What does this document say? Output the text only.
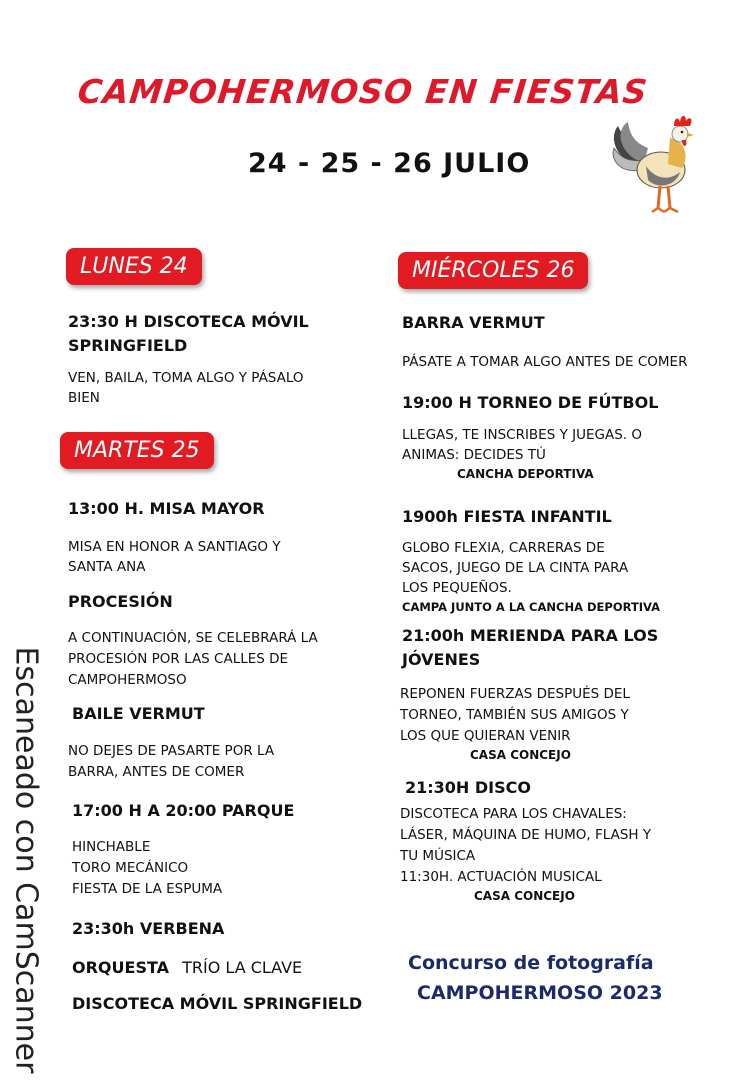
CAMPOHERMOSO EN FIESTAS
24 - 25 - 26 JULIO
Escaneado con CamScanner
LUNES 24
23:30 H DISCOTECA MÓVIL
SPRINGFIELD
VEN, BAILA, TOMA ALGO Y PÁSALO
BIEN
MARTES 25
13:00 H. MISA MAYOR
MISA EN HONOR A SANTIAGO Y
SANTA ANA
PROCESIÓN
A CONTINUACIÓN, SE CELEBRARÁ LA
PROCESIÓN POR LAS CALLES DE
CAMPOHERMOSO
BAILE VERMUT
NO DEJES DE PASARTE POR LA
BARRA, ANTES DE COMER
17:00 H A 20:00 PARQUE
HINCHABLE
TORO MECÁNICO
FIESTA DE LA ESPUMA
23:30h VERBENA
ORQUESTA TRÍO LA CLAVE
DISCOTECA MÓVIL SPRINGFIELD
MIÉRCOLES 26
BARRA VERMUT
PÁSATE A TOMAR ALGO ANTES DE COMER
19:00 H TORNEO DE FÚTBOL
LLEGAS, TE INSCRIBES Y JUEGAS. O
ANIMAS: DECIDES TÚ
CANCHA DEPORTIVA
1900h FIESTA INFANTIL
GLOBO FLEXIA, CARRERAS DE
SACOS, JUEGO DE LA CINTA PARA
LOS PEQUEÑOS.
CAMPA JUNTO A LA CANCHA DEPORTIVA
21:00h MERIENDA PARA LOS
JÓVENES
REPONEN FUERZAS DESPUÉS DEL
TORNEO, TAMBIÉN SUS AMIGOS Y
LOS QUE QUIERAN VENIR
CASA CONCEJO
21:30H DISCO
DISCOTECA PARA LOS CHAVALES:
LÁSER, MÁQUINA DE HUMO, FLASH Y
TU MÚSICA
11:30H. ACTUACIÓN MUSICAL
CASA CONCEJO
Concurso de fotografía
CAMPOHERMOSO 2023
